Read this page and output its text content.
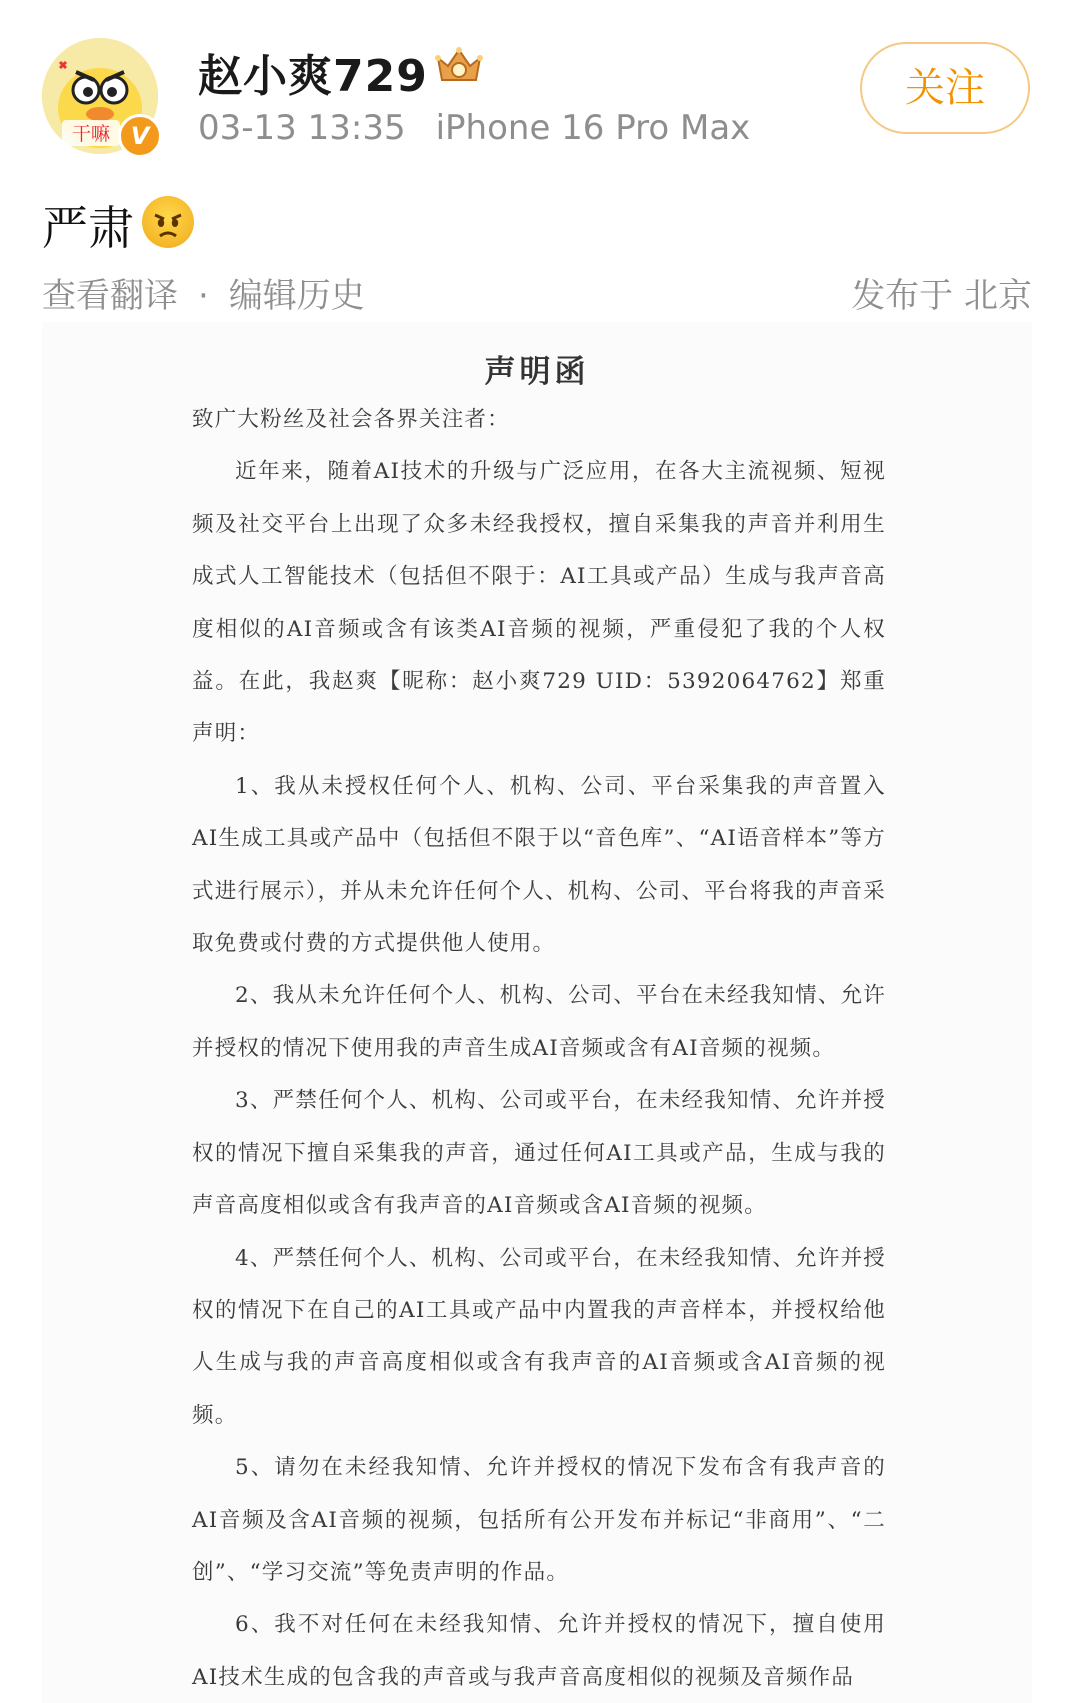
干嘛 V
赵小爽729
03-13 13:35 iPhone 16 Pro Max
关注
严肃
查看翻译 · 编辑历史	发布于 北京
声明函

致广大粉丝及社会各界关注者：

近年来，随着AI技术的升级与广泛应用，在各大主流视频、短视频及社交平台上出现了众多未经我授权，擅自采集我的声音并利用生成式人工智能技术（包括但不限于：AI工具或产品）生成与我声音高度相似的AI音频或含有该类AI音频的视频，严重侵犯了我的个人权益。在此，我赵爽【昵称：赵小爽729 UID：5392064762】郑重声明：

1、我从未授权任何个人、机构、公司、平台采集我的声音置入AI生成工具或产品中（包括但不限于以“音色库”、“AI语音样本”等方式进行展示），并从未允许任何个人、机构、公司、平台将我的声音采取免费或付费的方式提供他人使用。

2、我从未允许任何个人、机构、公司、平台在未经我知情、允许并授权的情况下使用我的声音生成AI音频或含有AI音频的视频。

3、严禁任何个人、机构、公司或平台，在未经我知情、允许并授权的情况下擅自采集我的声音，通过任何AI工具或产品，生成与我的声音高度相似或含有我声音的AI音频或含AI音频的视频。

4、严禁任何个人、机构、公司或平台，在未经我知情、允许并授权的情况下在自己的AI工具或产品中内置我的声音样本，并授权给他人生成与我的声音高度相似或含有我声音的AI音频或含AI音频的视频。

5、请勿在未经我知情、允许并授权的情况下发布含有我声音的AI音频及含AI音频的视频，包括所有公开发布并标记“非商用”、“二创”、“学习交流”等免责声明的作品。

6、我不对任何在未经我知情、允许并授权的情况下，擅自使用AI技术生成的包含我的声音或与我声音高度相似的视频及音频作品
